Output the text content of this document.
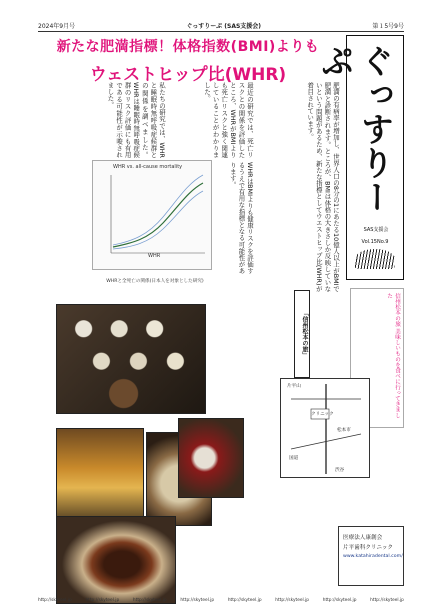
2024年9月号	ぐっすりーぷ (SAS支援会)	第１5号9号
新たな肥満指標！体格指数(BMI)よりも
ウェストヒップ比(WHR)	ぐっすりーぷ
SAS支援会
Vol.15No.9
肥満の有病率が増加し、世界人口の8分の1にあたる10億人以上がBMIで肥満と診断されます。ところが、BMIは体格の大きさしか反映していないという問題があるため、新たな指標としてウエストヒップ比(WHR)が着目されています。
最近の研究では、死亡リスクとの関係を評価したところ、WHRがBMIよりも死亡リスクと強く関連していることがわかりました。
私たちの研究では、WHRと睡眠時無呼吸症候群との関係を調べました。WHRは睡眠時無呼吸症候群のリスク評価にも有用である可能性が示唆されました。
WHRはBMIよりも健康リスクを評価するうえで有用な指標となる可能性があります。
WHR vs. all-cause mortality
WHR
WHRと全死亡の関係(日本人を対象とした研究)
「信州松本の旅」	信州松本の旅 美味しいものを食べに行ってきました
片平山
クリニック
松本市
国道
渋谷
医療法人康創会
片平歯科クリニック
www.katahiradental.com/
http://skyteel.jp	http://skyteel.jp	http://skyteel.jp	http://skyteel.jp	http://skyteel.jp	http://skyteel.jp	http://skyteel.jp	http://skyteel.jp
